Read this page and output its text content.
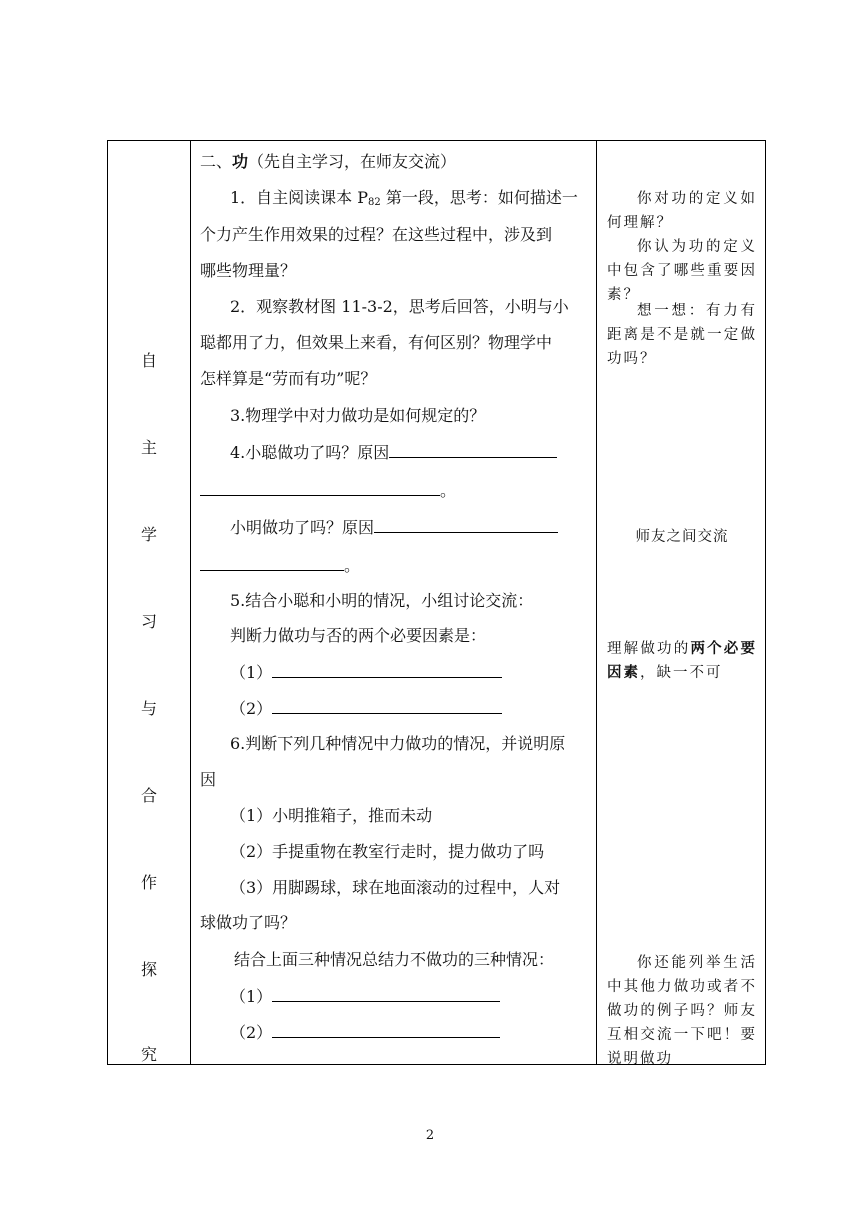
自
主
学
习
与
合
作
探
究
二、功（先自主学习，在师友交流）
1．自主阅读课本 P82 第一段，思考：如何描述一
个力产生作用效果的过程？在这些过程中，涉及到
哪些物理量？
2．观察教材图 11-3-2，思考后回答，小明与小
聪都用了力，但效果上来看，有何区别？物理学中
怎样算是“劳而有功”呢？
3.物理学中对力做功是如何规定的？
4.小聪做功了吗？原因
。
小明做功了吗？原因
。
5.结合小聪和小明的情况，小组讨论交流：
判断力做功与否的两个必要因素是：
（1）
（2）
6.判断下列几种情况中力做功的情况，并说明原
因
（1）小明推箱子，推而未动
（2）手提重物在教室行走时，提力做功了吗
（3）用脚踢球，球在地面滚动的过程中，人对
球做功了吗？
结合上面三种情况总结力不做功的三种情况：
（1）
（2）
你对功的定义如何理解？
你认为功的定义中包含了哪些重要因素？
想一想：有力有距离是不是就一定做功吗？
师友之间交流
理解做功的两个必要因素，缺一不可
你还能列举生活中其他力做功或者不做功的例子吗？师友互相交流一下吧！要说明做功
2
